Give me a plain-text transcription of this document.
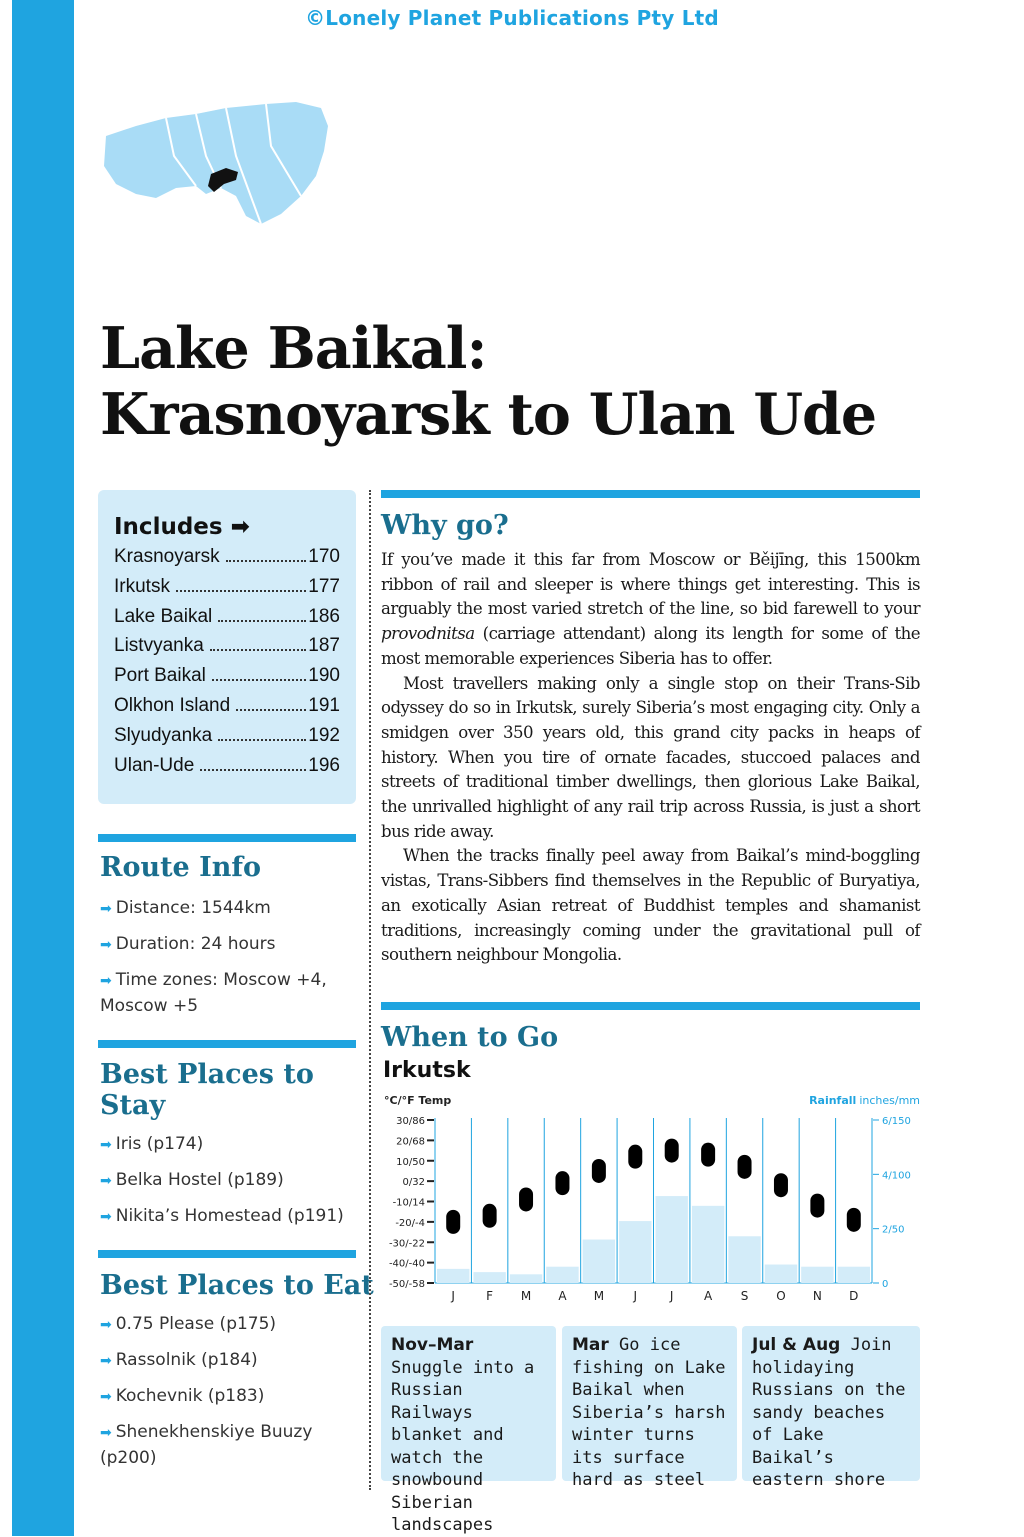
©Lonely Planet Publications Pty Ltd
Lake Baikal:
Krasnoyarsk to Ulan Ude
Includes ➡
Krasnoyarsk	170
Irkutsk	177
Lake Baikal	186
Listvyanka	187
Port Baikal	190
Olkhon Island	191
Slyudyanka	192
Ulan-Ude	196
Route Info
➡ Distance: 1544km
➡ Duration: 24 hours
➡ Time zones: Moscow +4, Moscow +5
Best Places to Stay
➡ Iris (p174)
➡ Belka Hostel (p189)
➡ Nikita’s Homestead (p191)
Best Places to Eat
➡ 0.75 Please (p175)
➡ Rassolnik (p184)
➡ Kochevnik (p183)
➡ Shenekhenskiye Buuzy (p200)
Why go?

If you’ve made it this far from Moscow or Běijīng, this 1500km ribbon of rail and sleeper is where things get interesting. This is arguably the most varied stretch of the line, so bid farewell to your provodnitsa (carriage attendant) along its length for some of the most memorable experiences Siberia has to offer.

Most travellers making only a single stop on their Trans-Sib odyssey do so in Irkutsk, surely Siberia’s most engaging city. Only a smidgen over 350 years old, this grand city packs in heaps of history. When you tire of ornate facades, stuccoed palaces and streets of traditional timber dwellings, then glorious Lake Baikal, the unrivalled highlight of any rail trip across Russia, is just a short bus ride away.

When the tracks finally peel away from Baikal’s mind-boggling vistas, Trans-Sibbers find themselves in the Republic of Buryatiya, an exotically Asian retreat of Buddhist temples and shamanist traditions, increasingly coming under the gravitational pull of southern neighbour Mongolia.

When to Go
Irkutsk
°C/°F Temp	Rainfall inches/mm
30/86
20/68
10/50
0/32
-10/14
-20/-4
-30/-22
-40/-40
-50/-58
6/150
4/100
2/50
0
J	F M A M J	J	A S O N D
Nov–Mar Snuggle into a Russian Railways blanket and watch the snowbound Siberian landscapes
Mar Go ice fishing on Lake Baikal when Siberia’s harsh winter turns its surface hard as steel
Jul & Aug Join holidaying Russians on the sandy beaches of Lake Baikal’s eastern shore
